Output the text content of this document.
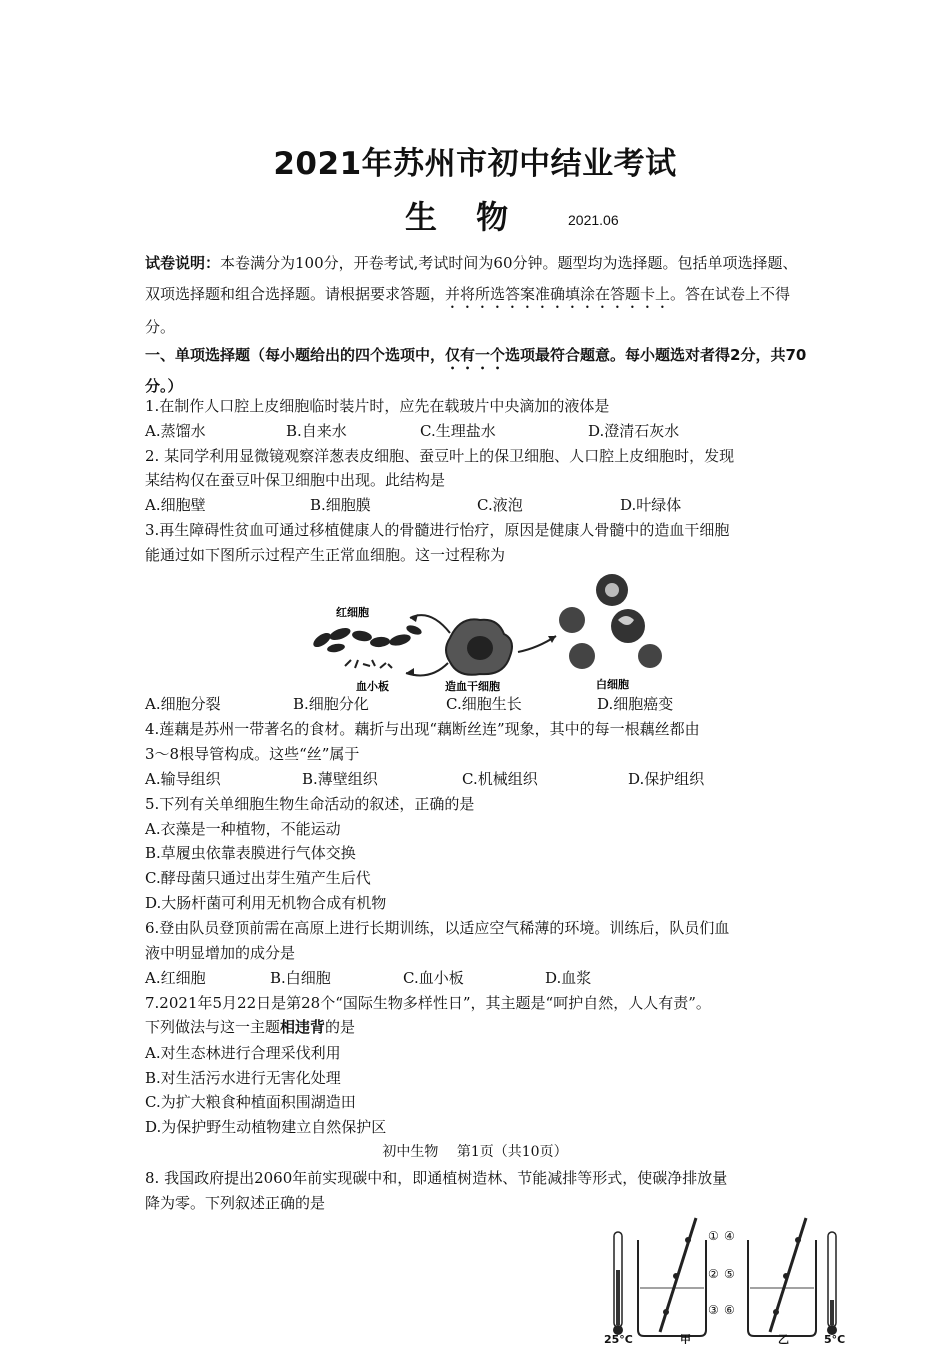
2021年苏州市初中结业考试
生 物	2021.06
试卷说明：本卷满分为100分，开卷考试,考试时间为60分钟。题型均为选择题。包括单项选择题、双项选择题和组合选择题。请根据要求答题，并将所选答案准确填涂在答题卡上。答在试卷上不得分。
一、单项选择题（每小题给出的四个选项中，仅有一个选项最符合题意。每小题选对者得2分，共70分。）
1.在制作人口腔上皮细胞临时装片时，应先在载玻片中央滴加的液体是
A.蒸馏水	B.自来水	C.生理盐水	D.澄清石灰水
2. 某同学利用显微镜观察洋葱表皮细胞、蚕豆叶上的保卫细胞、人口腔上皮细胞时，发现
某结构仅在蚕豆叶保卫细胞中出现。此结构是
A.细胞壁	B.细胞膜	C.液泡	D.叶绿体
3.再生障碍性贫血可通过移植健康人的骨髓进行怡疗，原因是健康人骨髓中的造血干细胞
能通过如下图所示过程产生正常血细胞。这一过程称为
红细胞
血小板	造血干细胞	白细胞
A.细胞分裂	B.细胞分化	C.细胞生长	D.细胞癌变
4.莲藕是苏州一带著名的食材。藕折与出现“藕断丝连”现象，其中的每一根藕丝都由
3～8根导管构成。这些“丝”属于
A.输导组织	B.薄壁组织	C.机械组织	D.保护组织
5.下列有关单细胞生物生命活动的叙述，正确的是
A.衣藻是一种植物，不能运动
B.草履虫依靠表膜进行气体交换
C.酵母菌只通过出芽生殖产生后代
D.大肠杆菌可利用无机物合成有机物
6.登由队员登顶前需在高原上进行长期训练，以适应空气稀薄的环境。训练后，队员们血
液中明显增加的成分是
A.红细胞	B.白细胞	C.血小板	D.血浆
7.2021年5月22日是第28个“国际生物多样性日”，其主题是“呵护自然，人人有责”。
下列做法与这一主题相违背的是
A.对生态林进行合理采伐利用
B.对生活污水进行无害化处理
C.为扩大粮食种植面积围湖造田
D.为保护野生动植物建立自然保护区
初中生物　 第1页（共10页）
8. 我国政府提出2060年前实现碳中和，即通植树造林、节能减排等形式，使碳净排放量
降为零。下列叙述正确的是
① ④
② ⑤
③ ⑥
25°C	甲	乙	5°C
